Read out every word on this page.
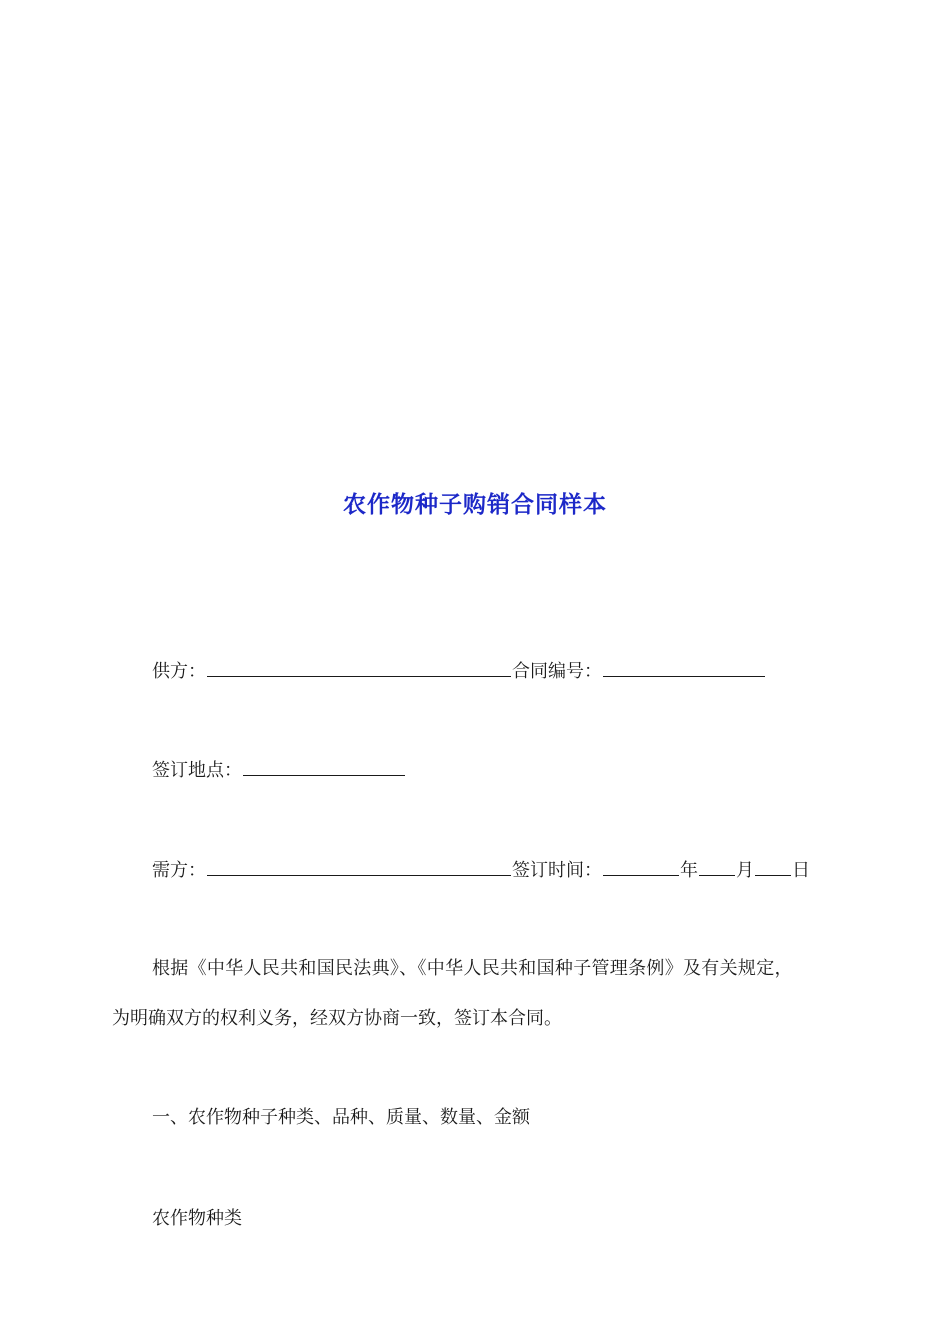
农作物种子购销合同样本
供方：	合同编号：
签订地点：
需方：	签订时间：	年 月 日
根据《中华人民共和国民法典》、《中华人民共和国种子管理条例》及有关规定，
为明确双方的权利义务，经双方协商一致，签订本合同。
一、农作物种子种类、品种、质量、数量、金额
农作物种类
